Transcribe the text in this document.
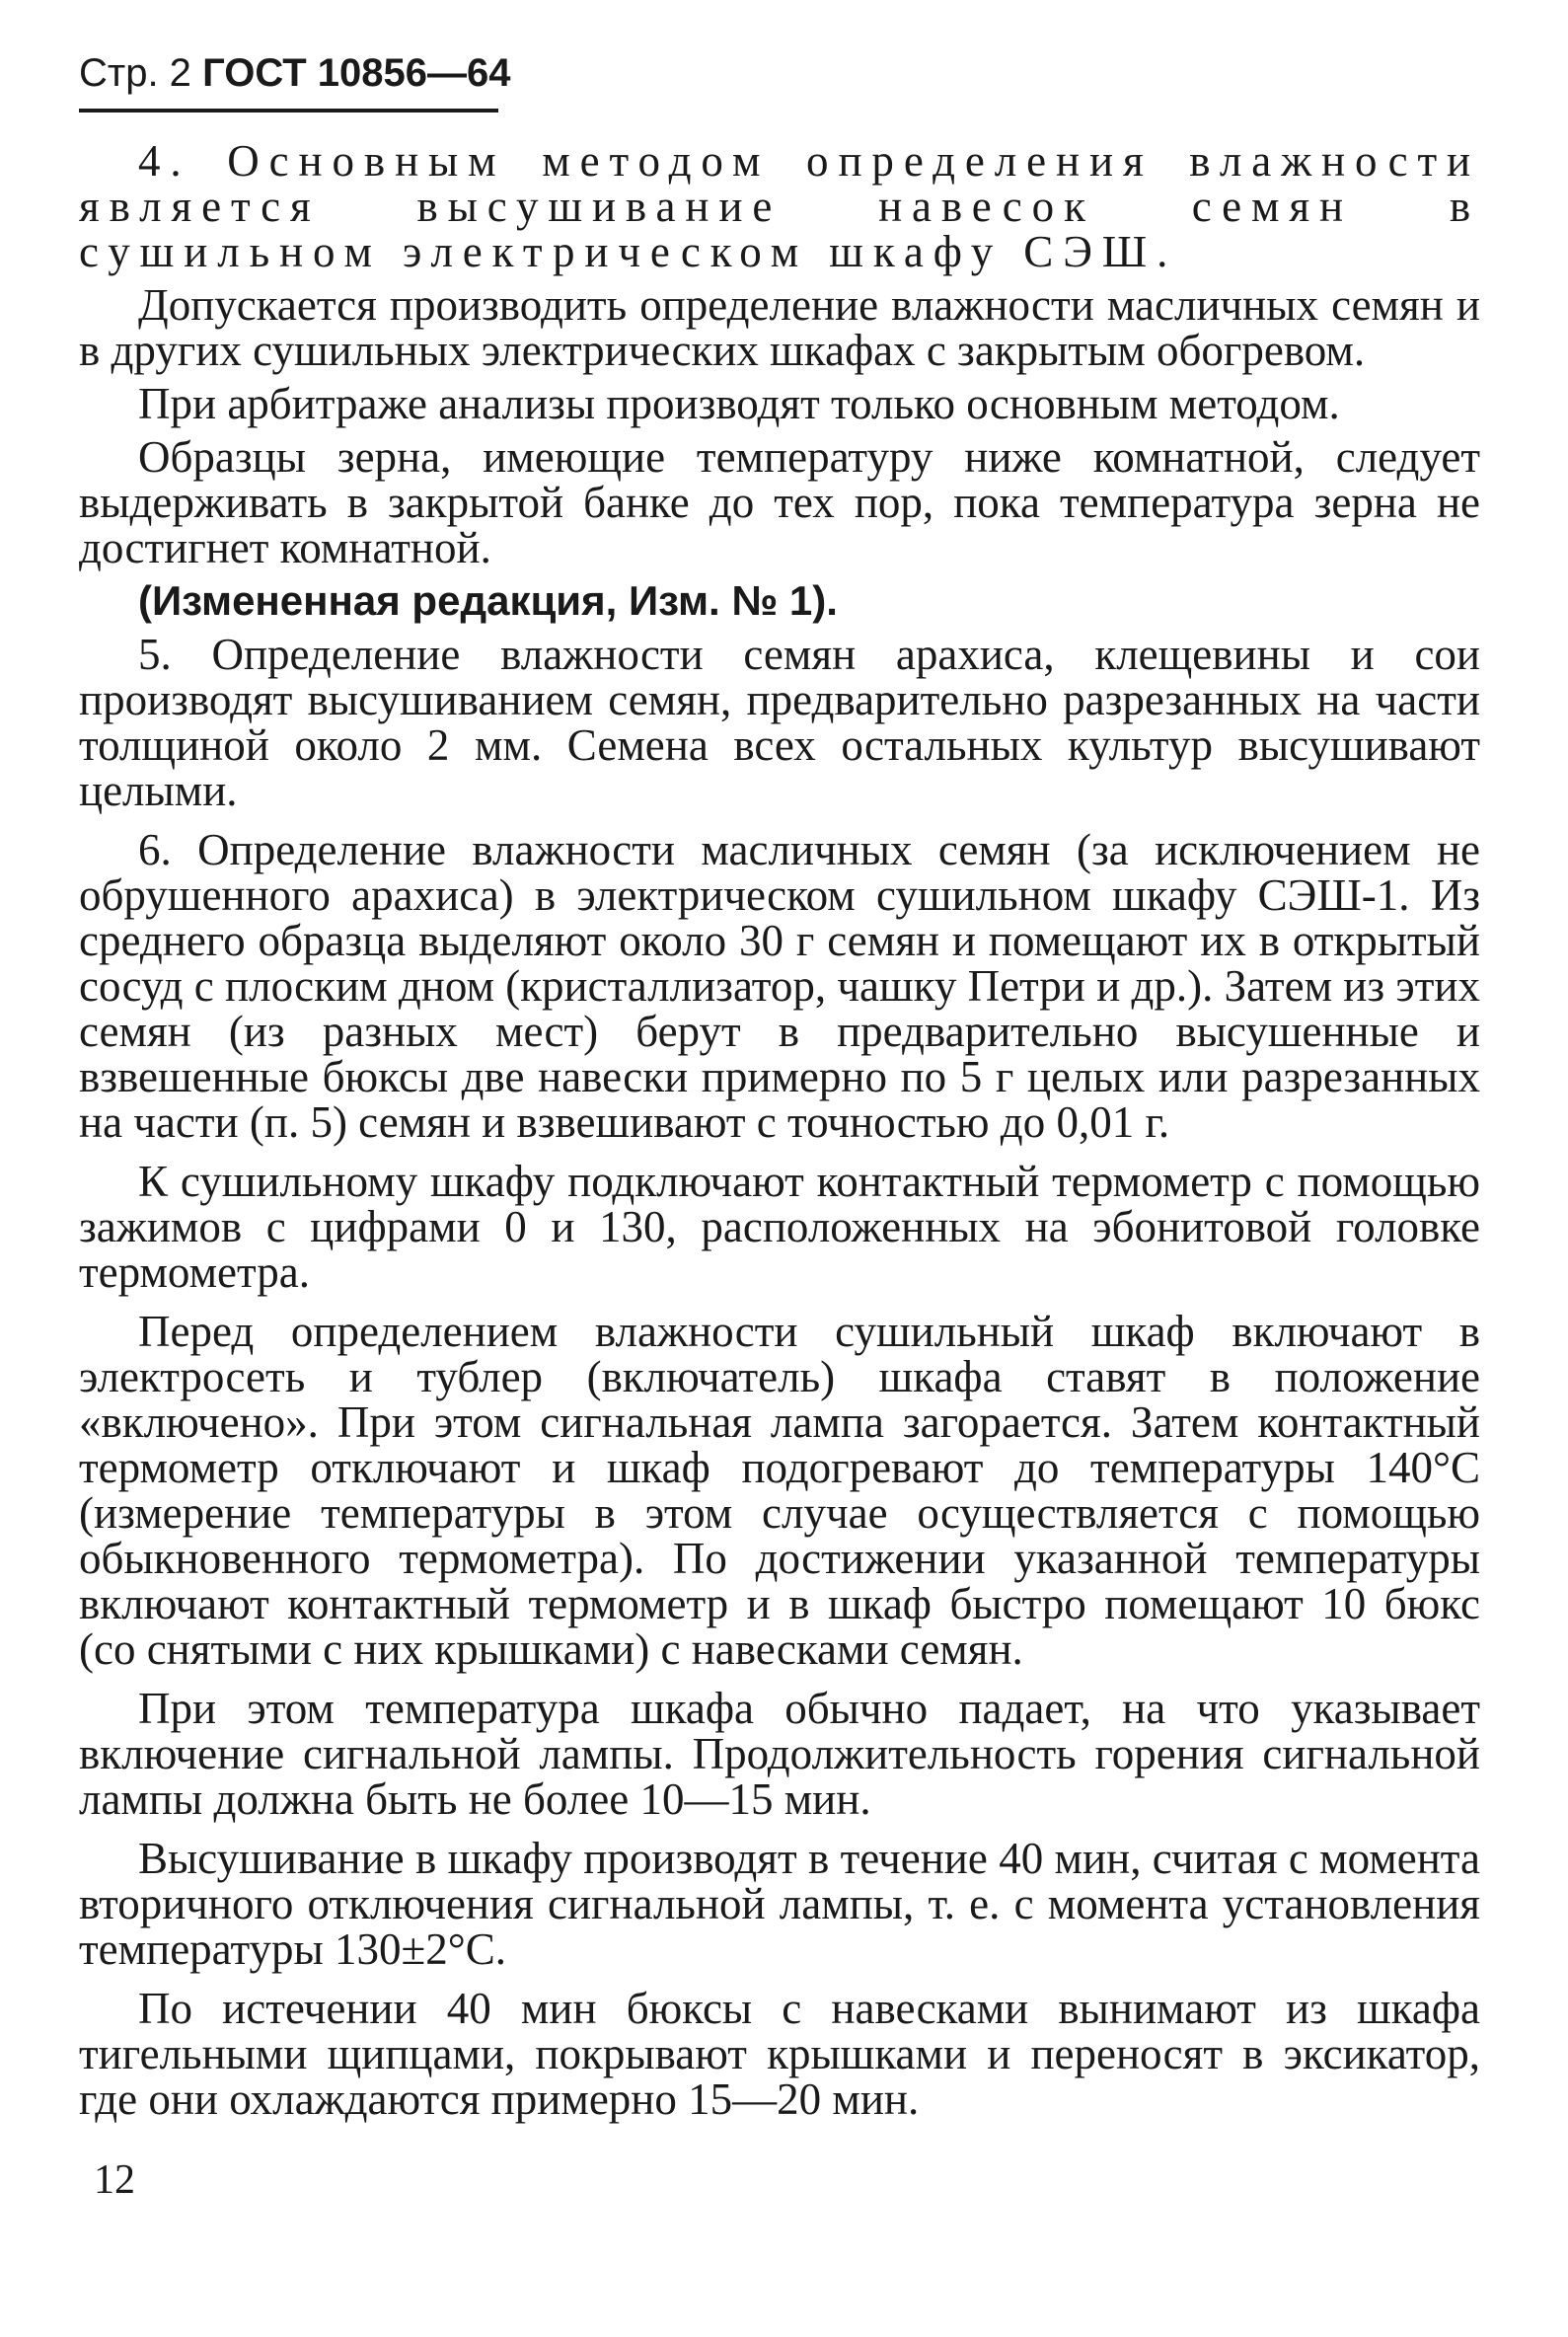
Стр. 2 ГОСТ 10856—64

4. Основным методом определения влажности является высушивание навесок семян в сушильном электрическом шкафу СЭШ.

Допускается производить определение влажности масличных семян и в других сушильных электрических шкафах с закрытым обогревом.

При арбитраже анализы производят только основным методом.

Образцы зерна, имеющие температуру ниже комнатной, следует выдерживать в закрытой банке до тех пор, пока температура зерна не достигнет комнатной.

(Измененная редакция, Изм. № 1).

5. Определение влажности семян арахиса, клещевины и сои производят высушиванием семян, предварительно разрезанных на части толщиной около 2 мм. Семена всех остальных культур высушивают целыми.

6. Определение влажности масличных семян (за исключением не обрушенного арахиса) в электрическом сушильном шкафу СЭШ-1. Из среднего образца выделяют около 30 г семян и помещают их в открытый сосуд с плоским дном (кристаллизатор, чашку Петри и др.). Затем из этих семян (из разных мест) берут в предварительно высушенные и взвешенные бюксы две навески примерно по 5 г целых или разрезанных на части (п. 5) семян и взвешивают с точностью до 0,01 г.

К сушильному шкафу подключают контактный термометр с помощью зажимов с цифрами 0 и 130, расположенных на эбонитовой головке термометра.

Перед определением влажности сушильный шкаф включают в электросеть и тублер (включатель) шкафа ставят в положение «включено». При этом сигнальная лампа загорается. Затем контактный термометр отключают и шкаф подогревают до температуры 140°С (измерение температуры в этом случае осуществляется с помощью обыкновенного термометра). По достижении указанной температуры включают контактный термометр и в шкаф быстро помещают 10 бюкс (со снятыми с них крышками) с навесками семян.

При этом температура шкафа обычно падает, на что указывает включение сигнальной лампы. Продолжительность горения сигнальной лампы должна быть не более 10—15 мин.

Высушивание в шкафу производят в течение 40 мин, считая с момента вторичного отключения сигнальной лампы, т. е. с момента установления температуры 130±2°С.

По истечении 40 мин бюксы с навесками вынимают из шкафа тигельными щипцами, покрывают крышками и переносят в эксикатор, где они охлаждаются примерно 15—20 мин.

12
